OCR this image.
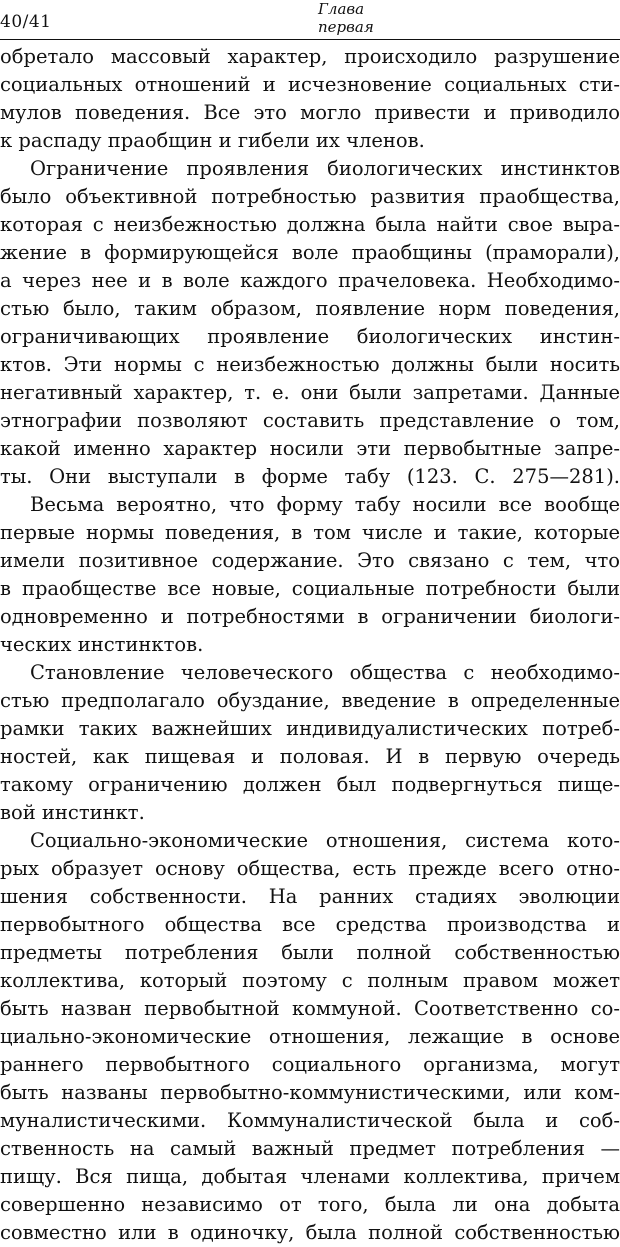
40/41
Глава
первая
обретало массовый характер, происходило разрушение
социальных отношений и исчезновение социальных сти-
мулов поведения. Все это могло привести и приводило
к распаду праобщин и гибели их членов.
Ограничение проявления биологических инстинктов
было объективной потребностью развития праобщества,
которая с неизбежностью должна была найти свое выра-
жение в формирующейся воле праобщины (праморали),
а через нее и в воле каждого прачеловека. Необходимо-
стью было, таким образом, появление норм поведения,
ограничивающих проявление биологических инстин-
ктов. Эти нормы с неизбежностью должны были носить
негативный характер, т. е. они были запретами. Данные
этнографии позволяют составить представление о том,
какой именно характер носили эти первобытные запре-
ты. Они выступали в форме табу (123. С. 275—281).
Весьма вероятно, что форму табу носили все вообще
первые нормы поведения, в том числе и такие, которые
имели позитивное содержание. Это связано с тем, что
в праобществе все новые, социальные потребности были
одновременно и потребностями в ограничении биологи-
ческих инстинктов.
Становление человеческого общества с необходимо-
стью предполагало обуздание, введение в определенные
рамки таких важнейших индивидуалистических потреб-
ностей, как пищевая и половая. И в первую очередь
такому ограничению должен был подвергнуться пище-
вой инстинкт.
Социально-экономические отношения, система кото-
рых образует основу общества, есть прежде всего отно-
шения собственности. На ранних стадиях эволюции
первобытного общества все средства производства и
предметы потребления были полной собственностью
коллектива, который поэтому с полным правом может
быть назван первобытной коммуной. Соответственно со-
циально-экономические отношения, лежащие в основе
раннего первобытного социального организма, могут
быть названы первобытно-коммунистическими, или ком-
муналистическими. Коммуналистической была и соб-
ственность на самый важный предмет потребления —
пищу. Вся пища, добытая членами коллектива, причем
совершенно независимо от того, была ли она добыта
совместно или в одиночку, была полной собственностью
